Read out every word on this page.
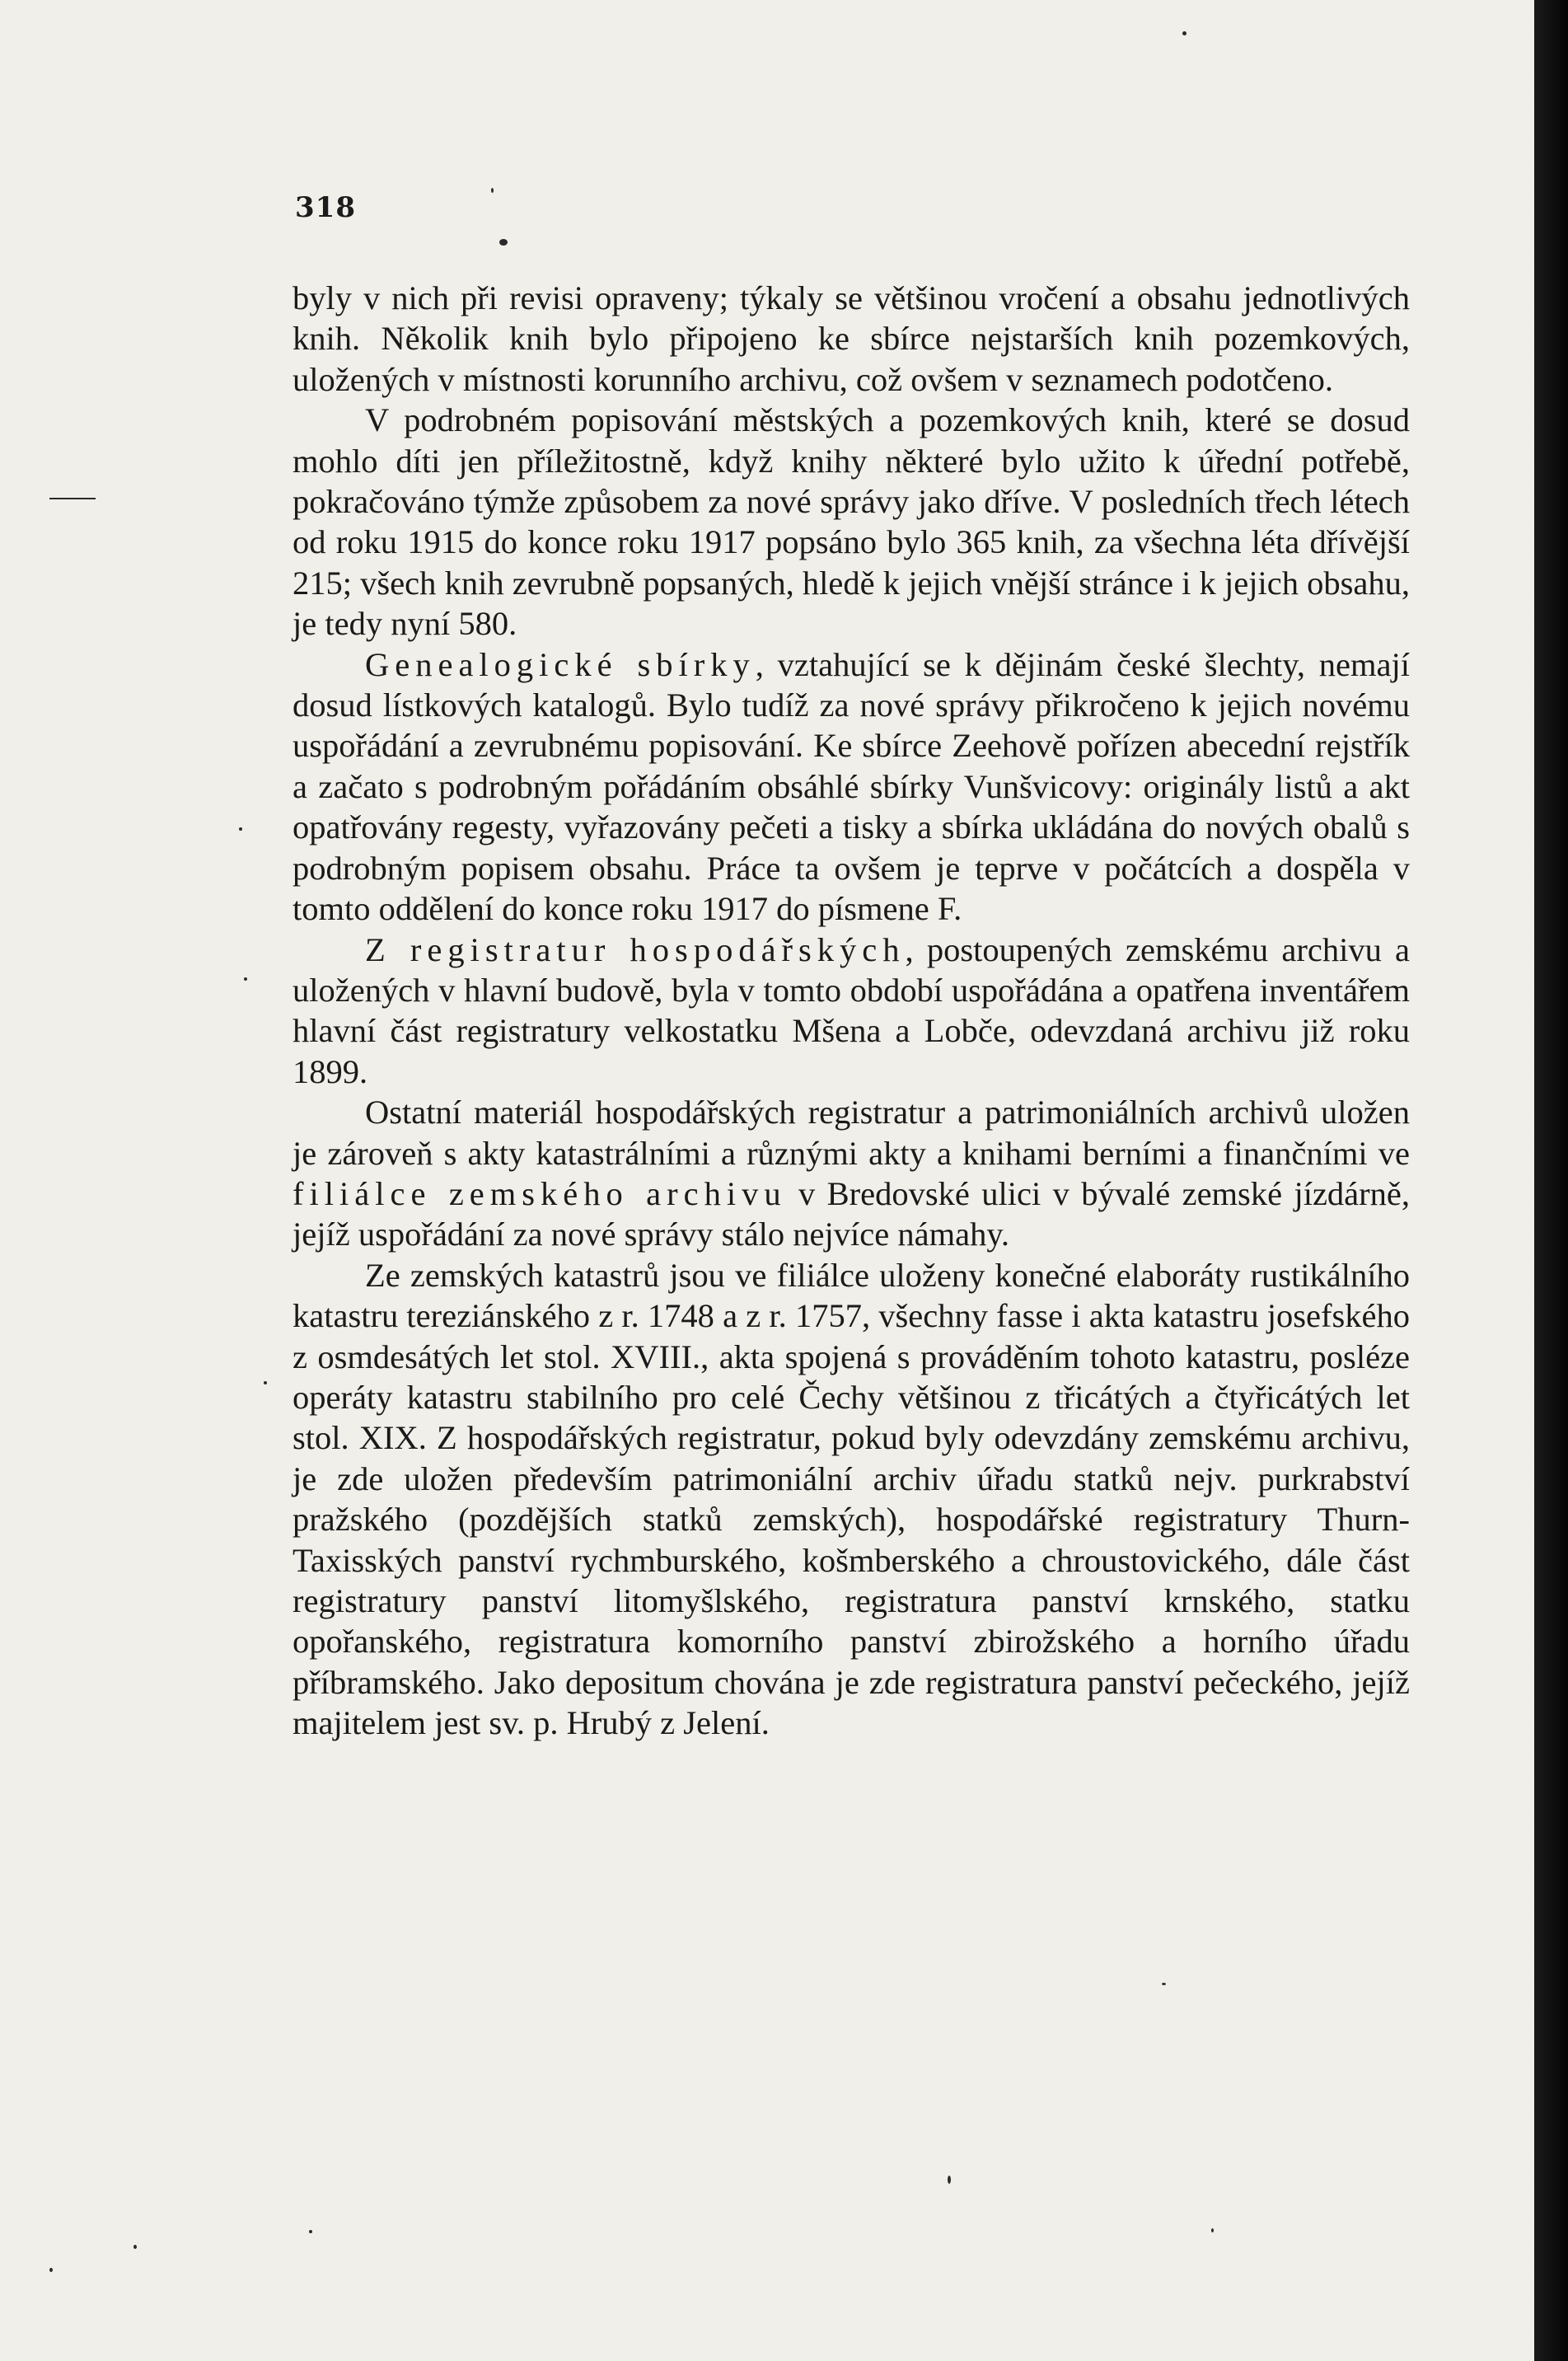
318

byly v nich při revisi opraveny; týkaly se většinou vročení a obsahu jednotlivých knih. Několik knih bylo připojeno ke sbírce nejstarších knih pozemkových, uložených v místnosti korunního archivu, což ovšem v seznamech podotčeno.

V podrobném popisování městských a pozemkových knih, které se dosud mohlo díti jen příležitostně, když knihy některé bylo užito k úřední potřebě, pokračováno týmže způsobem za nové správy jako dříve. V posledních třech létech od roku 1915 do konce roku 1917 popsáno bylo 365 knih, za všechna léta dřívější 215; všech knih zevrubně popsaných, hledě k jejich vnější stránce i k jejich obsahu, je tedy nyní 580.

Genealogické sbírky, vztahující se k dějinám české šlechty, nemají dosud lístkových katalogů. Bylo tudíž za nové správy přikročeno k jejich novému uspořádání a zevrubnému popisování. Ke sbírce Zeehově pořízen abecední rejstřík a začato s podrobným pořádáním obsáhlé sbírky Vunšvicovy: originály listů a akt opatřovány regesty, vyřazovány pečeti a tisky a sbírka ukládána do nových obalů s podrobným popisem obsahu. Práce ta ovšem je teprve v počátcích a dospěla v tomto oddělení do konce roku 1917 do písmene F.

Z registratur hospodářských, postoupených zemskému archivu a uložených v hlavní budově, byla v tomto období uspořádána a opatřena inventářem hlavní část registratury velkostatku Mšena a Lobče, odevzdaná archivu již roku 1899.

Ostatní materiál hospodářských registratur a patrimoniálních archivů uložen je zároveň s akty katastrálními a různými akty a knihami berními a finančními ve filiálce zemského archivu v Bredovské ulici v bývalé zemské jízdárně, jejíž uspořádání za nové správy stálo nejvíce námahy.

Ze zemských katastrů jsou ve filiálce uloženy konečné elaboráty rustikálního katastru tereziánského z r. 1748 a z r. 1757, všechny fasse i akta katastru josefského z osmdesátých let stol. XVIII., akta spojená s prováděním tohoto katastru, posléze operáty katastru stabilního pro celé Čechy většinou z třicátých a čtyřicátých let stol. XIX. Z hospodářských registratur, pokud byly odevzdány zemskému archivu, je zde uložen především patrimoniální archiv úřadu statků nejv. purkrabství pražského (pozdějších statků zemských), hospodářské registratury Thurn-Taxisských panství rychmburského, košmberského a chroustovického, dále část registratury panství litomyšlského, registratura panství krnského, statku opořanského, registratura komorního panství zbirožského a horního úřadu příbramského. Jako depositum chována je zde registratura panství pečeckého, jejíž majitelem jest sv. p. Hrubý z Jelení.
